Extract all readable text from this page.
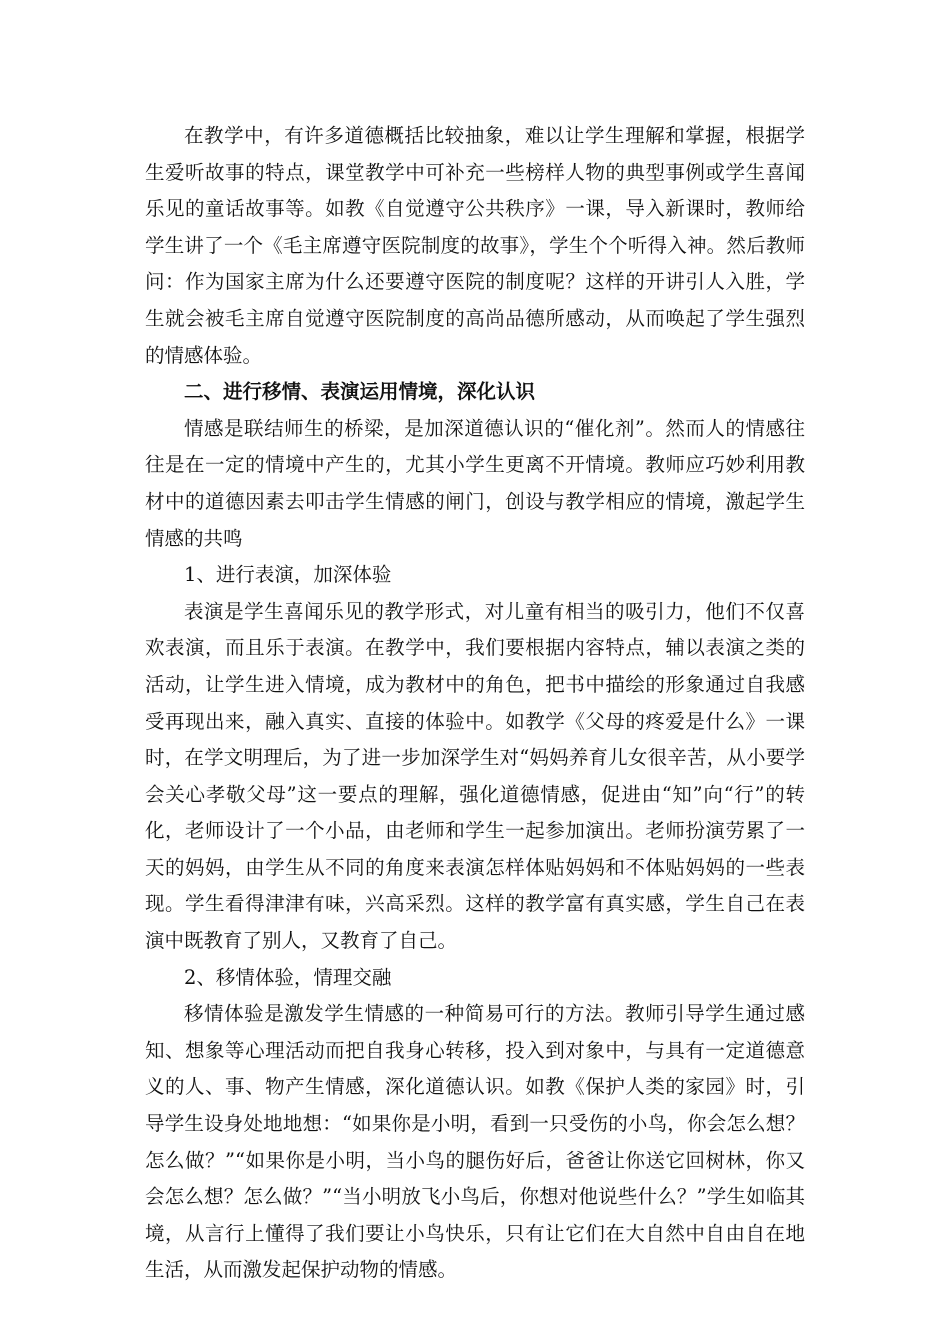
在教学中，有许多道德概括比较抽象，难以让学生理解和掌握，根据学生爱听故事的特点，课堂教学中可补充一些榜样人物的典型事例或学生喜闻乐见的童话故事等。如教《自觉遵守公共秩序》一课，导入新课时，教师给学生讲了一个《毛主席遵守医院制度的故事》，学生个个听得入神。然后教师问：作为国家主席为什么还要遵守医院的制度呢？这样的开讲引人入胜，学生就会被毛主席自觉遵守医院制度的高尚品德所感动，从而唤起了学生强烈的情感体验。

二、进行移情、表演运用情境，深化认识

情感是联结师生的桥梁，是加深道德认识的“催化剂”。然而人的情感往往是在一定的情境中产生的，尤其小学生更离不开情境。教师应巧妙利用教材中的道德因素去叩击学生情感的闸门，创设与教学相应的情境，激起学生情感的共鸣

1、进行表演，加深体验

表演是学生喜闻乐见的教学形式，对儿童有相当的吸引力，他们不仅喜欢表演，而且乐于表演。在教学中，我们要根据内容特点，辅以表演之类的活动，让学生进入情境，成为教材中的角色，把书中描绘的形象通过自我感受再现出来，融入真实、直接的体验中。如教学《父母的疼爱是什么》一课时，在学文明理后，为了进一步加深学生对“妈妈养育儿女很辛苦，从小要学会关心孝敬父母”这一要点的理解，强化道德情感，促进由“知”向“行”的转化，老师设计了一个小品，由老师和学生一起参加演出。老师扮演劳累了一天的妈妈，由学生从不同的角度来表演怎样体贴妈妈和不体贴妈妈的一些表现。学生看得津津有味，兴高采烈。这样的教学富有真实感，学生自己在表演中既教育了别人，又教育了自己。

2、移情体验，情理交融

移情体验是激发学生情感的一种简易可行的方法。教师引导学生通过感知、想象等心理活动而把自我身心转移，投入到对象中，与具有一定道德意义的人、事、物产生情感，深化道德认识。如教《保护人类的家园》时，引导学生设身处地地想：“如果你是小明，看到一只受伤的小鸟，你会怎么想？怎么做？”“如果你是小明，当小鸟的腿伤好后，爸爸让你送它回树林，你又会怎么想？怎么做？”“当小明放飞小鸟后，你想对他说些什么？”学生如临其境，从言行上懂得了我们要让小鸟快乐，只有让它们在大自然中自由自在地生活，从而激发起保护动物的情感。
